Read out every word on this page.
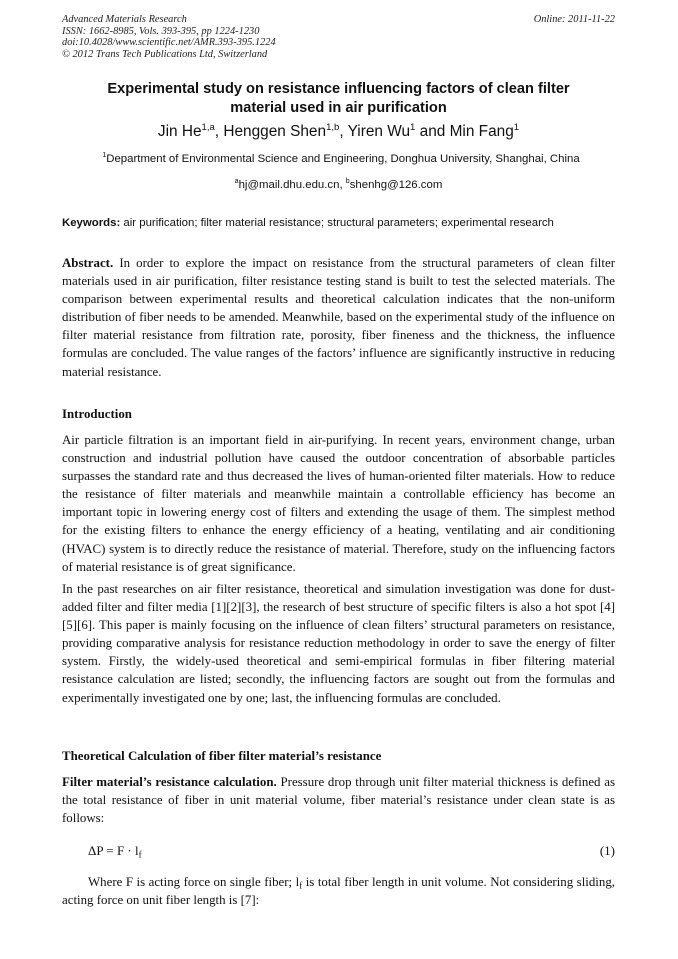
Advanced Materials Research
ISSN: 1662-8985, Vols. 393-395, pp 1224-1230
doi:10.4028/www.scientific.net/AMR.393-395.1224
© 2012 Trans Tech Publications Ltd, Switzerland
Online: 2011-11-22
Experimental study on resistance influencing factors of clean filter
material used in air purification
Jin He$^{1,a}$, Henggen Shen$^{1,b}$, Yiren Wu$^1$ and Min Fang$^1$
$^1$Department of Environmental Science and Engineering, Donghua University, Shanghai, China
$^a$hj@mail.dhu.edu.cn, $^b$shenhg@126.com
Keywords: air purification; filter material resistance; structural parameters; experimental research
Abstract. In order to explore the impact on resistance from the structural parameters of clean filter materials used in air purification, filter resistance testing stand is built to test the selected materials. The comparison between experimental results and theoretical calculation indicates that the non-uniform distribution of fiber needs to be amended. Meanwhile, based on the experimental study of the influence on filter material resistance from filtration rate, porosity, fiber fineness and the thickness, the influence formulas are concluded. The value ranges of the factors’ influence are significantly instructive in reducing material resistance.
Introduction
Air particle filtration is an important field in air-purifying. In recent years, environment change, urban construction and industrial pollution have caused the outdoor concentration of absorbable particles surpasses the standard rate and thus decreased the lives of human-oriented filter materials. How to reduce the resistance of filter materials and meanwhile maintain a controllable efficiency has become an important topic in lowering energy cost of filters and extending the usage of them. The simplest method for the existing filters to enhance the energy efficiency of a heating, ventilating and air conditioning (HVAC) system is to directly reduce the resistance of material. Therefore, study on the influencing factors of material resistance is of great significance.
In the past researches on air filter resistance, theoretical and simulation investigation was done for dust-added filter and filter media [1][2][3], the research of best structure of specific filters is also a hot spot [4][5][6]. This paper is mainly focusing on the influence of clean filters’ structural parameters on resistance, providing comparative analysis for resistance reduction methodology in order to save the energy of filter system. Firstly, the widely-used theoretical and semi-empirical formulas in fiber filtering material resistance calculation are listed; secondly, the influencing factors are sought out from the formulas and experimentally investigated one by one; last, the influencing formulas are concluded.
Theoretical Calculation of fiber filter material’s resistance
Filter material’s resistance calculation. Pressure drop through unit filter material thickness is defined as the total resistance of fiber in unit material volume, fiber material’s resistance under clean state is as follows:
$\Delta P = F \cdot l_f$	(1)
Where F is acting force on single fiber; $l_f$ is total fiber length in unit volume. Not considering sliding, acting force on unit fiber length is [7]:
